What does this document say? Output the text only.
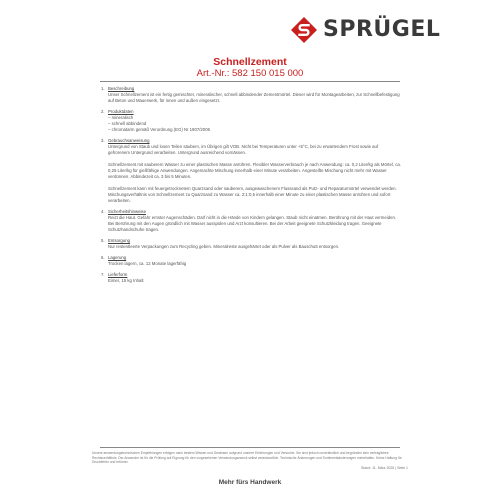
SPRÜGEL
Schnellzement
Art.-Nr.: 582 150 015 000
1. Beschreibung

Unser Schnellzement ist ein fertig gemischter, mineralischer, schnell abbindender Zementmörtel. Dieser wird für Montagearbeiten, zur Schnellbefestigung auf Beton und Mauerwerk, für innen und außen eingesetzt.

2. Produktdaten

– mineralisch

– schnell abbindend

– chromatarm gemäß Verordnung (EG) Nr 1907/2006

3. Gebrauchsanweisung

Untergrund von Staub und losen Teilen säubern, im Übrigen gilt VOB. Nicht bei Temperaturen unter +5°C, bei zu erwartendem Frost sowie auf gefrorenem Untergrund verarbeiten. Untergrund ausreichend vornässen.

Schnellzement mit sauberem Wasser zu einer plastischen Masse anrühren. Flexibler Wasserverbrauch je nach Anwendung: ca. 0,2 Liter/kg als Mörtel, ca. 0,25 Liter/kg für gießfähige Anwendungen. Angemachte Mischung innerhalb einer Minute verarbeiten. Angesteifte Mischung nicht mehr mit Wasser verdünnen. Abbindezeit ca. 3 bis 5 Minuten.

Schnellzement kann mit feuergetrocknetem Quarzsand oder sauberem, ausgewaschenem Flusssand als Putz- und Reparaturmörtel verwendet werden. Mischungsverhältnis von Schnellzement zu Quarzsand zu Wasser ca. 2:1:0,5 innerhalb einer Minute zu einer plastischen Masse anrühren und sofort verarbeiten.

4. Sicherheitshinweise

Reizt die Haut. Gefahr ernster Augenschäden. Darf nicht in die Hände von Kindern gelangen. Staub nicht einatmen. Berührung mit der Haut vermeiden. Bei Berührung mit den Augen gründlich mit Wasser ausspülen und Arzt konsultieren. Bei der Arbeit geeignete Schutzkleidung tragen. Geeignete Schutzhandschuhe tragen.

5. Entsorgung

Nur restentleerte Verpackungen zum Recycling geben. Mineralreste ausgehärtet oder als Pulver als Bauschutt entsorgen.

6. Lagerung

Trocken lagern, ca. 12 Monate lagerfähig

7. Lieferform

Eimer, 15 kg Inhalt

Unsere anwendungstechnischen Empfehlungen erfolgen nach bestem Wissen und Gewissen aufgrund unserer Erfahrungen und Versuche. Sie sind jedoch unverbindlich und begründen kein vertragliches Rechtsverhältnis. Der Anwender ist für die Prüfung auf Eignung für den vorgesehenen Verwendungszweck selbst verantwortlich. Technische Änderungen und Sortimentsänderungen vorbehalten. Keine Haftung für Druckfehler und Irrtümer.
Stand: 11. März 2025 | Seite 1
Mehr fürs Handwerk
